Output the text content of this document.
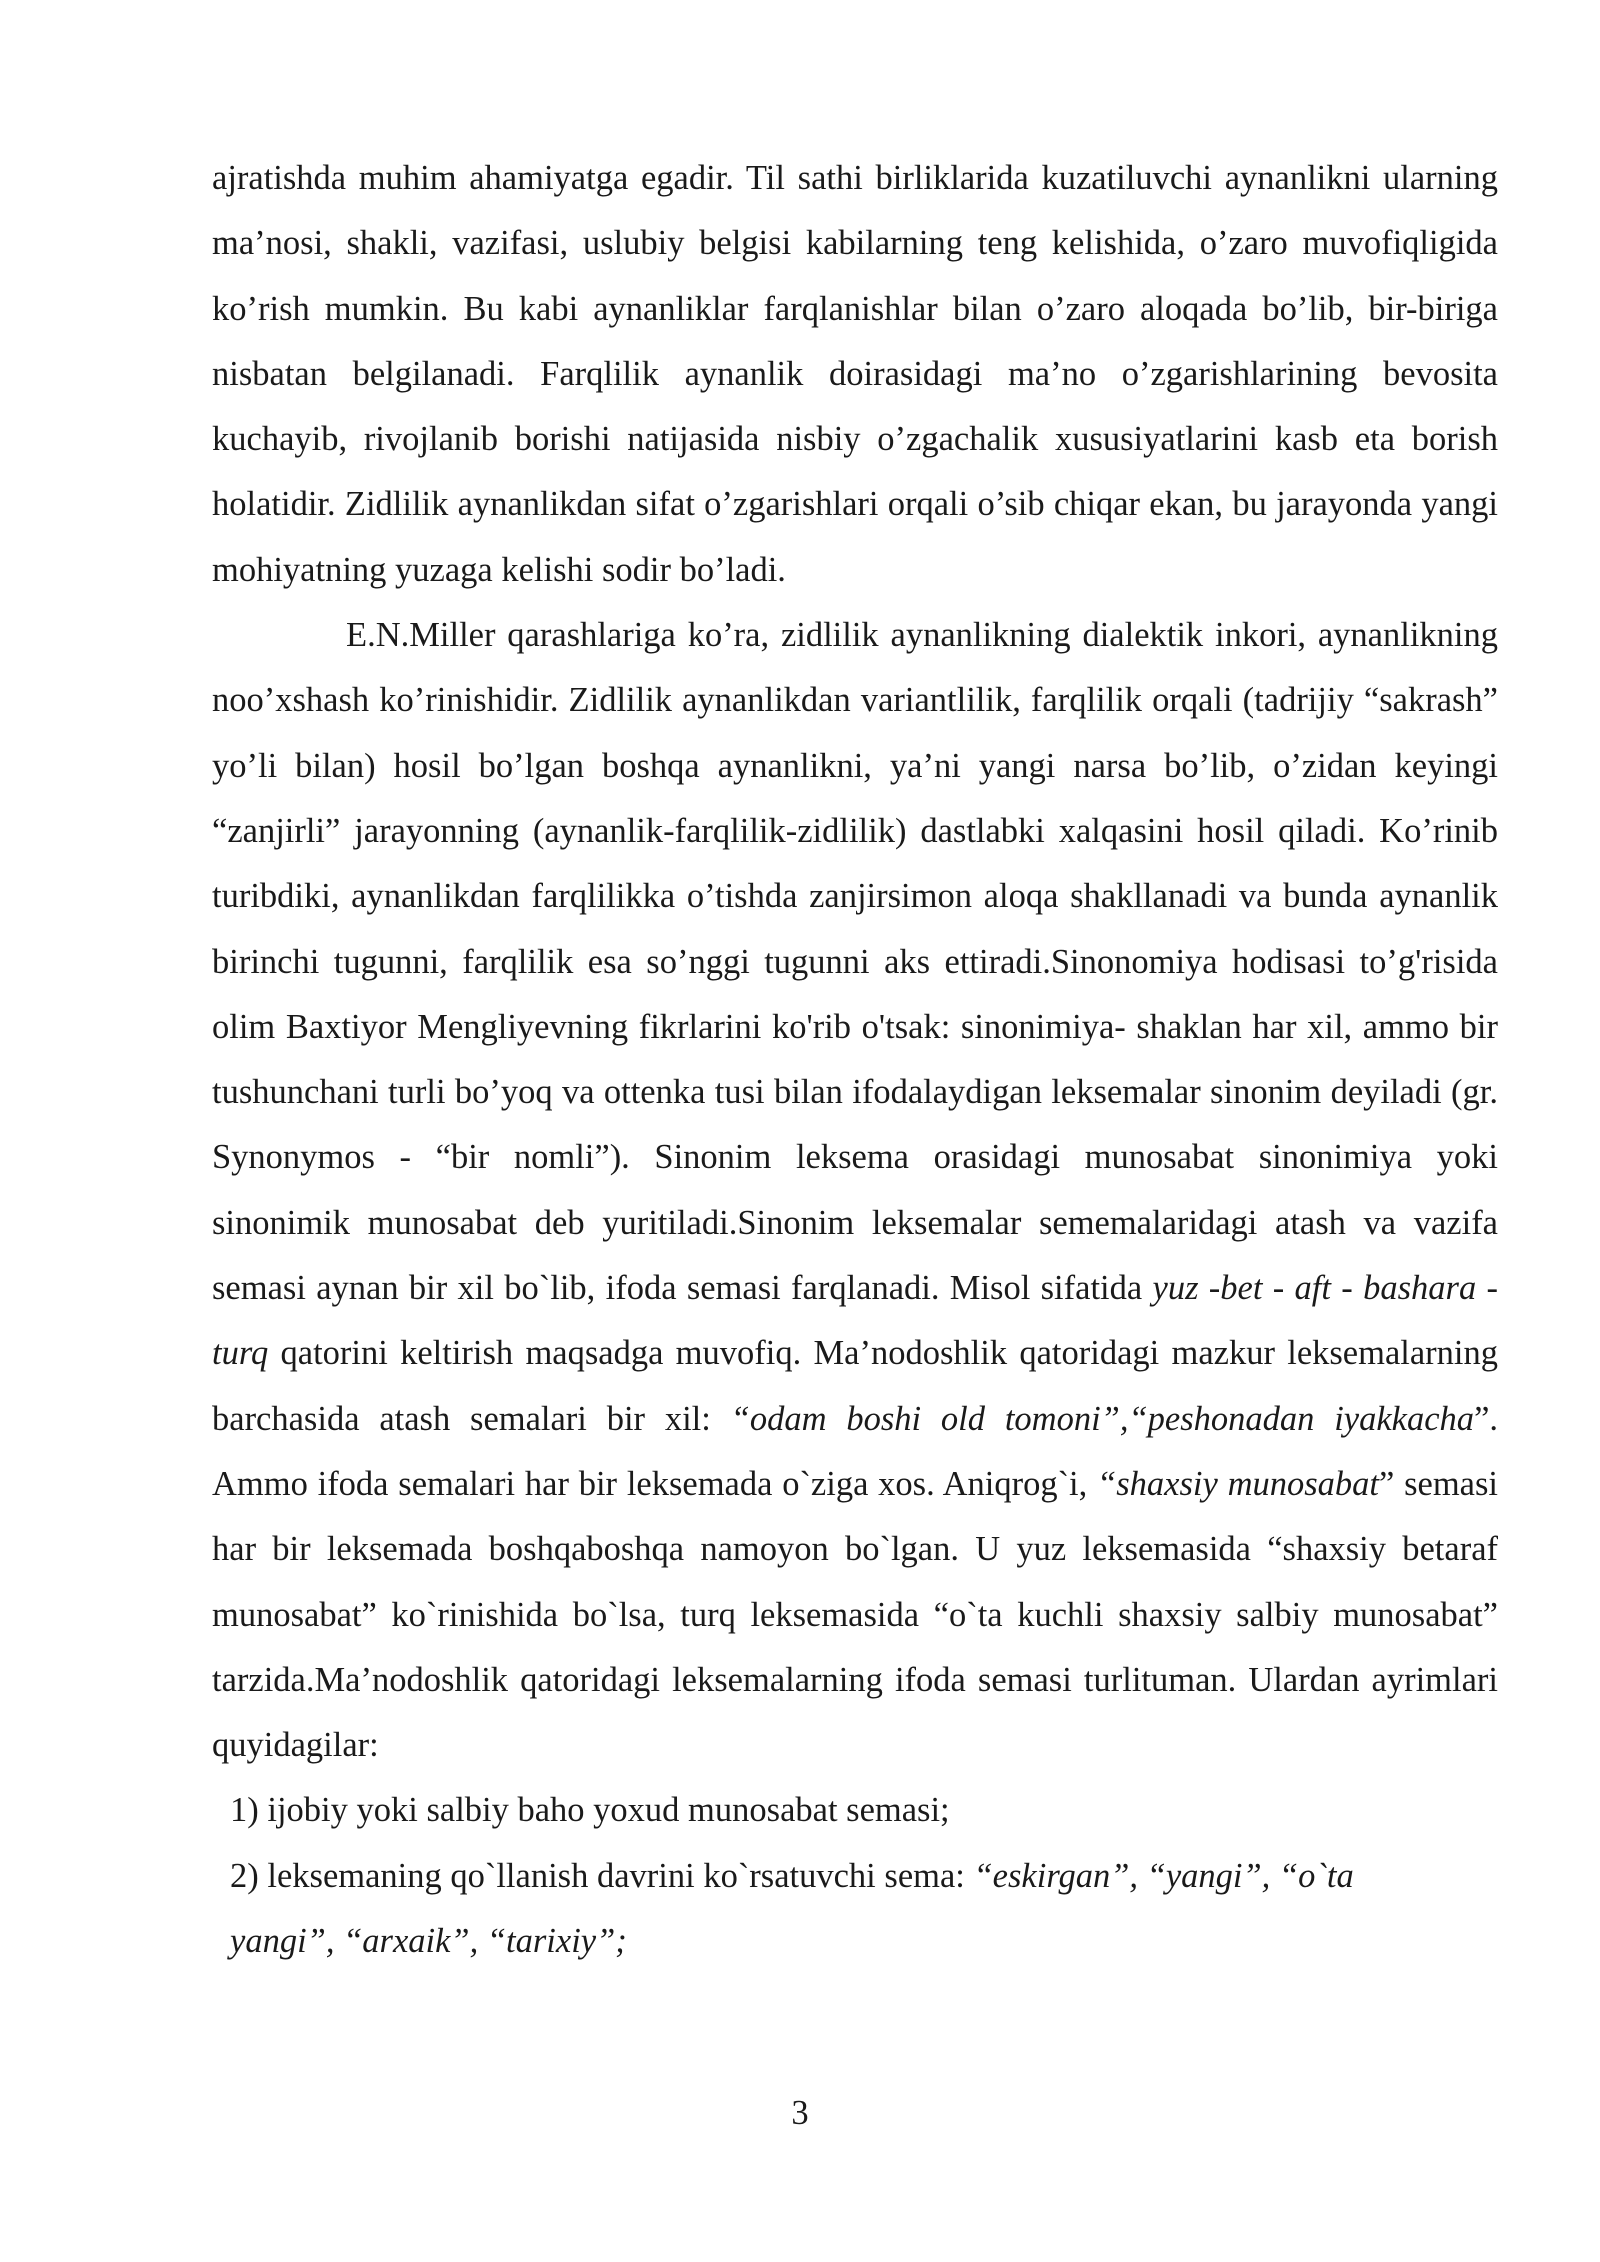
ajratishda muhim ahamiyatga egadir. Til sathi birliklarida kuzatiluvchi aynanlikni ularning ma’nosi, shakli, vazifasi, uslubiy belgisi kabilarning teng kelishida, o’zaro muvofiqligida ko’rish mumkin. Bu kabi aynanliklar farqlanishlar bilan o’zaro aloqada bo’lib, bir-biriga nisbatan belgilanadi. Farqlilik aynanlik doirasidagi ma’no o’zgarishlarining bevosita kuchayib, rivojlanib borishi natijasida nisbiy o’zgachalik xususiyatlarini kasb eta borish holatidir. Zidlilik aynanlikdan sifat o’zgarishlari orqali o’sib chiqar ekan, bu jarayonda yangi mohiyatning yuzaga kelishi sodir bo’ladi.

E.N.Miller qarashlariga ko’ra, zidlilik aynanlikning dialektik inkori, aynanlikning noo’xshash ko’rinishidir. Zidlilik aynanlikdan variantlilik, farqlilik orqali (tadrijiy “sakrash” yo’li bilan) hosil bo’lgan boshqa aynanlikni, ya’ni yangi narsa bo’lib, o’zidan keyingi “zanjirli” jarayonning (aynanlik-farqlilik-zidlilik) dastlabki xalqasini hosil qiladi. Ko’rinib turibdiki, aynanlikdan farqlilikka o’tishda zanjirsimon aloqa shakllanadi va bunda aynanlik birinchi tugunni, farqlilik esa so’nggi tugunni aks ettiradi.Sinonomiya hodisasi to’g'risida olim Baxtiyor Mengliyevning fikrlarini ko'rib o'tsak: sinonimiya- shaklan har xil, ammo bir tushunchani turli bo’yoq va ottenka tusi bilan ifodalaydigan leksemalar sinonim deyiladi (gr. Synonymos - “bir nomli”). Sinonim leksema orasidagi munosabat sinonimiya yoki sinonimik munosabat deb yuritiladi.Sinonim leksemalar sememalaridagi atash va vazifa semasi aynan bir xil bo`lib, ifoda semasi farqlanadi. Misol sifatida yuz -bet - aft - bashara - turq qatorini keltirish maqsadga muvofiq. Ma’nodoshlik qatoridagi mazkur leksemalarning barchasida atash semalari bir xil: “odam boshi old tomoni”,“peshonadan iyakkacha”. Ammo ifoda semalari har bir leksemada o`ziga xos. Aniqrog`i, “shaxsiy munosabat” semasi har bir leksemada boshqaboshqa namoyon bo`lgan. U yuz leksemasida “shaxsiy betaraf munosabat” ko`rinishida bo`lsa, turq leksemasida “o`ta kuchli shaxsiy salbiy munosabat” tarzida.Ma’nodoshlik qatoridagi leksemalarning ifoda semasi turlituman. Ulardan ayrimlari quyidagilar:

1) ijobiy yoki salbiy baho yoxud munosabat semasi;

2) leksemaning qo`llanish davrini ko`rsatuvchi sema: “eskirgan”, “yangi”, “o`ta

yangi”, “arxaik”, “tarixiy”;

3
